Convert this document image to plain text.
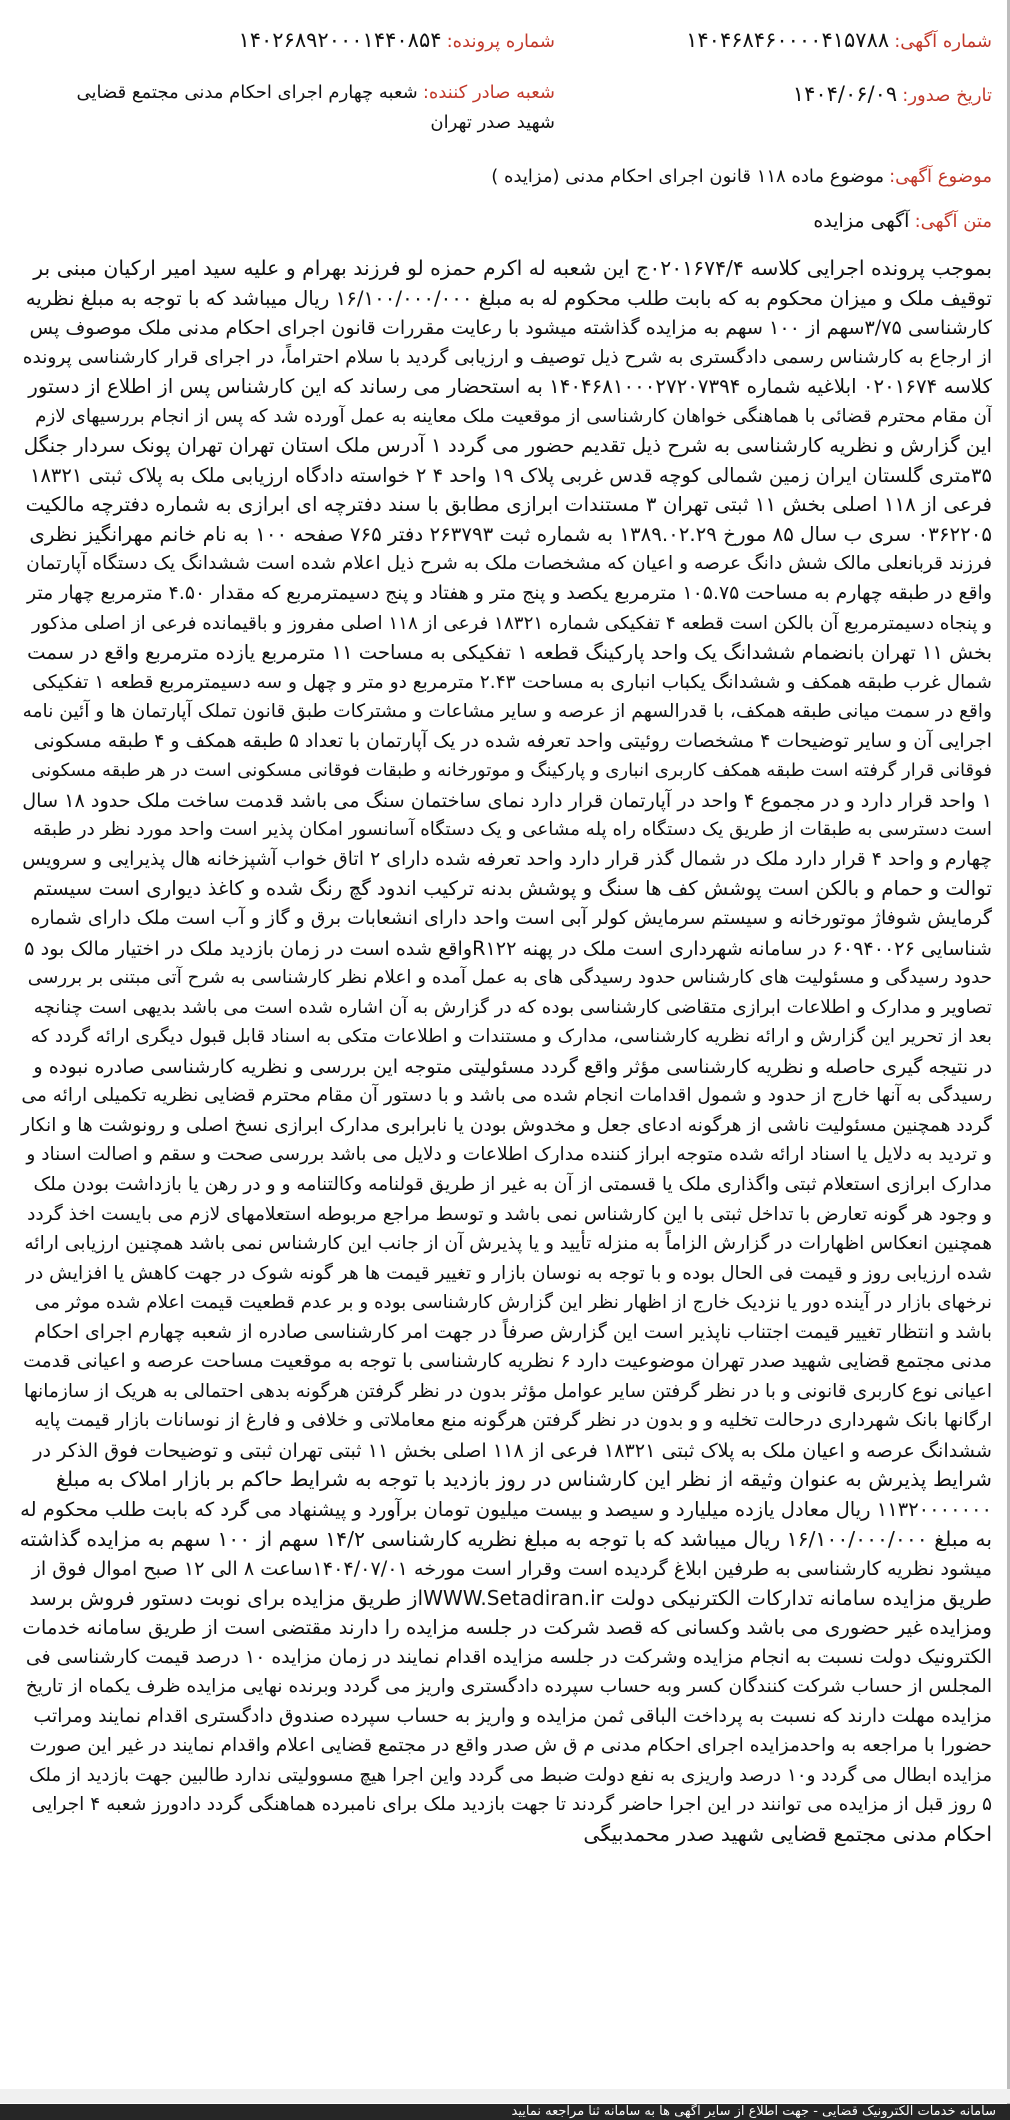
شماره آگهی: ۱۴۰۴۶۸۴۶۰۰۰۰۴۱۵۷۸۸
شماره پرونده: ۱۴۰۲۶۸۹۲۰۰۰۱۴۴۰۸۵۴
تاریخ صدور: ۱۴۰۴/۰۶/۰۹
شعبه صادر کننده: شعبه چهارم اجرای احکام مدنی مجتمع قضایی شهید صدر تهران
موضوع آگهی: موضوع ماده ۱۱۸ قانون اجرای احکام مدنی (مزایده )
متن آگهی: آگهی مزایده
بموجب پرونده اجرایی کلاسه ۰۲۰۱۶۷۴/۴ج این شعبه له اکرم حمزه لو فرزند بهرام و علیه سید امیر ارکیان مبنی بر
توقیف ملک و میزان محکوم به که بابت طلب محکوم له به مبلغ ۱۶/۱۰۰/۰۰۰/۰۰۰ ریال میباشد که با توجه به مبلغ نظریه
کارشناسی ۳/۷۵سهم از ۱۰۰ سهم به مزایده گذاشته میشود با رعایت مقررات قانون اجرای احکام مدنی ملک موصوف پس
از ارجاع به کارشناس رسمی دادگستری به شرح ذیل توصیف و ارزیابی گردید با سلام احتراماً، در اجرای قرار کارشناسی پرونده
کلاسه ۰۲۰۱۶۷۴ ابلاغیه شماره ۱۴۰۴۶۸۱۰۰۰۲۷۲۰۷۳۹۴ به استحضار می رساند که این کارشناس پس از اطلاع از دستور
آن مقام محترم قضائی با هماهنگی خواهان کارشناسی از موقعیت ملک معاینه به عمل آورده شد که پس از انجام بررسیهای لازم
این گزارش و نظریه کارشناسی به شرح ذیل تقدیم حضور می گردد ۱ آدرس ملک استان تهران تهران پونک سردار جنگل
۳۵متری گلستان ایران زمین شمالی کوچه قدس غربی پلاک ۱۹ واحد ۴ ۲ خواسته دادگاه ارزیابی ملک به پلاک ثبتی ۱۸۳۲۱
فرعی از ۱۱۸ اصلی بخش ۱۱ ثبتی تهران ۳ مستندات ابرازی مطابق با سند دفترچه ای ابرازی به شماره دفترچه مالکیت
۰۳۶۲۲۰۵ سری ب سال ۸۵ مورخ ۱۳۸۹.۰۲.۲۹ به شماره ثبت ۲۶۳۷۹۳ دفتر ۷۶۵ صفحه ۱۰۰ به نام خانم مهرانگیز نظری
فرزند قربانعلی مالک شش دانگ عرصه و اعیان که مشخصات ملک به شرح ذیل اعلام شده است ششدانگ یک دستگاه آپارتمان
واقع در طبقه چهارم به مساحت ۱۰۵.۷۵ مترمربع یکصد و پنج متر و هفتاد و پنج دسیمترمربع که مقدار ۴.۵۰ مترمربع چهار متر
و پنجاه دسیمترمربع آن بالکن است قطعه ۴ تفکیکی شماره ۱۸۳۲۱ فرعی از ۱۱۸ اصلی مفروز و باقیمانده فرعی از اصلی مذکور
بخش ۱۱ تهران بانضمام ششدانگ یک واحد پارکینگ قطعه ۱ تفکیکی به مساحت ۱۱ مترمربع یازده مترمربع واقع در سمت
شمال غرب طبقه همکف و ششدانگ یکباب انباری به مساحت ۲.۴۳ مترمربع دو متر و چهل و سه دسیمترمربع قطعه ۱ تفکیکی
واقع در سمت میانی طبقه همکف، با قدرالسهم از عرصه و سایر مشاعات و مشترکات طبق قانون تملک آپارتمان ها و آئین نامه
اجرایی آن و سایر توضیحات ۴ مشخصات روئیتی واحد تعرفه شده در یک آپارتمان با تعداد ۵ طبقه همکف و ۴ طبقه مسکونی
فوقانی قرار گرفته است طبقه همکف کاربری انباری و پارکینگ و موتورخانه و طبقات فوقانی مسکونی است در هر طبقه مسکونی
۱ واحد قرار دارد و در مجموع ۴ واحد در آپارتمان قرار دارد نمای ساختمان سنگ می باشد قدمت ساخت ملک حدود ۱۸ سال
است دسترسی به طبقات از طریق یک دستگاه راه پله مشاعی و یک دستگاه آسانسور امکان پذیر است واحد مورد نظر در طبقه
چهارم و واحد ۴ قرار دارد ملک در شمال گذر قرار دارد واحد تعرفه شده دارای ۲ اتاق خواب آشپزخانه هال پذیرایی و سرویس
توالت و حمام و بالکن است پوشش کف ها سنگ و پوشش بدنه ترکیب اندود گچ رنگ شده و کاغذ دیواری است سیستم
گرمایش شوفاژ موتورخانه و سیستم سرمایش کولر آبی است واحد دارای انشعابات برق و گاز و آب است ملک دارای شماره
شناسایی ۶۰۹۴۰۰۲۶ در سامانه شهرداری است ملک در پهنه R۱۲۲واقع شده است در زمان بازدید ملک در اختیار مالک بود ۵
حدود رسیدگی و مسئولیت های کارشناس حدود رسیدگی های به عمل آمده و اعلام نظر کارشناسی به شرح آتی مبتنی بر بررسی
تصاویر و مدارک و اطلاعات ابرازی متقاضی کارشناسی بوده که در گزارش به آن اشاره شده است می باشد بدیهی است چنانچه
بعد از تحریر این گزارش و ارائه نظریه کارشناسی، مدارک و مستندات و اطلاعات متکی به اسناد قابل قبول دیگری ارائه گردد که
در نتیجه گیری حاصله و نظریه کارشناسی مؤثر واقع گردد مسئولیتی متوجه این بررسی و نظریه کارشناسی صادره نبوده و
رسیدگی به آنها خارج از حدود و شمول اقدامات انجام شده می باشد و با دستور آن مقام محترم قضایی نظریه تکمیلی ارائه می
گردد همچنین مسئولیت ناشی از هرگونه ادعای جعل و مخدوش بودن یا نابرابری مدارک ابرازی نسخ اصلی و رونوشت ها و انکار
و تردید به دلایل یا اسناد ارائه شده متوجه ابراز کننده مدارک اطلاعات و دلایل می باشد بررسی صحت و سقم و اصالت اسناد و
مدارک ابرازی استعلام ثبتی واگذاری ملک یا قسمتی از آن به غیر از طریق قولنامه وکالتنامه و و در رهن یا بازداشت بودن ملک
و وجود هر گونه تعارض با تداخل ثبتی با این کارشناس نمی باشد و توسط مراجع مربوطه استعلامهای لازم می بایست اخذ گردد
همچنین انعکاس اظهارات در گزارش الزاماً به منزله تأیید و یا پذیرش آن از جانب این کارشناس نمی باشد همچنین ارزیابی ارائه
شده ارزیابی روز و قیمت فی الحال بوده و با توجه به نوسان بازار و تغییر قیمت ها هر گونه شوک در جهت کاهش یا افزایش در
نرخهای بازار در آینده دور یا نزدیک خارج از اظهار نظر این گزارش کارشناسی بوده و بر عدم قطعیت قیمت اعلام شده موثر می
باشد و انتظار تغییر قیمت اجتناب ناپذیر است این گزارش صرفاً در جهت امر کارشناسی صادره از شعبه چهارم اجرای احکام
مدنی مجتمع قضایی شهید صدر تهران موضوعیت دارد ۶ نظریه کارشناسی با توجه به موقعیت مساحت عرصه و اعیانی قدمت
اعیانی نوع کاربری قانونی و با در نظر گرفتن سایر عوامل مؤثر بدون در نظر گرفتن هرگونه بدهی احتمالی به هریک از سازمانها
ارگانها بانک شهرداری درحالت تخلیه و و بدون در نظر گرفتن هرگونه منع معاملاتی و خلافی و فارغ از نوسانات بازار قیمت پایه
ششدانگ عرصه و اعیان ملک به پلاک ثبتی ۱۸۳۲۱ فرعی از ۱۱۸ اصلی بخش ۱۱ ثبتی تهران ثبتی و توضیحات فوق الذکر در
شرایط پذیرش به عنوان وثیقه از نظر این کارشناس در روز بازدید با توجه به شرایط حاکم بر بازار املاک به مبلغ
۱۱۳۲۰۰۰۰۰۰۰ ریال معادل یازده میلیارد و سیصد و بیست میلیون تومان برآورد و پیشنهاد می گرد که بابت طلب محکوم له
به مبلغ ۱۶/۱۰۰/۰۰۰/۰۰۰ ریال میباشد که با توجه به مبلغ نظریه کارشناسی ۱۴/۲ سهم از ۱۰۰ سهم به مزایده گذاشته
میشود نظریه کارشناسی به طرفین ابلاغ گردیده است وقرار است مورخه ۱۴۰۴/۰۷/۰۱ساعت ۸ الی ۱۲ صبح اموال فوق از
طریق مزایده سامانه تدارکات الکترنیکی دولت WWW.Setadiran.irاز طریق مزایده برای نوبت دستور فروش برسد
ومزایده غیر حضوری می باشد وکسانی که قصد شرکت در جلسه مزایده را دارند مقتضی است از طریق سامانه خدمات
الکترونیک دولت نسبت به انجام مزایده وشرکت در جلسه مزایده اقدام نمایند در زمان مزایده ۱۰ درصد قیمت کارشناسی فی
المجلس از حساب شرکت کنندگان کسر وبه حساب سپرده دادگستری واریز می گردد وبرنده نهایی مزایده ظرف یکماه از تاریخ
مزایده مهلت دارند که نسبت به پرداخت الباقی ثمن مزایده و واریز به حساب سپرده صندوق دادگستری اقدام نمایند ومراتب
حضورا با مراجعه به واحدمزایده اجرای احکام مدنی م ق ش صدر واقع در مجتمع قضایی اعلام واقدام نمایند در غیر این صورت
مزایده ابطال می گردد و۱۰ درصد واریزی به نفع دولت ضبط می گردد واین اجرا هیچ مسوولیتی ندارد طالبین جهت بازدید از ملک
۵ روز قبل از مزایده می توانند در این اجرا حاضر گردند تا جهت بازدید ملک برای نامبرده هماهنگی گردد دادورز شعبه ۴ اجرایی
احکام مدنی مجتمع قضایی شهید صدر محمدبیگی
سامانه خدمات الکترونیک قضایی - جهت اطلاع از سایر آگهی ها به سامانه ثنا مراجعه نمایید
